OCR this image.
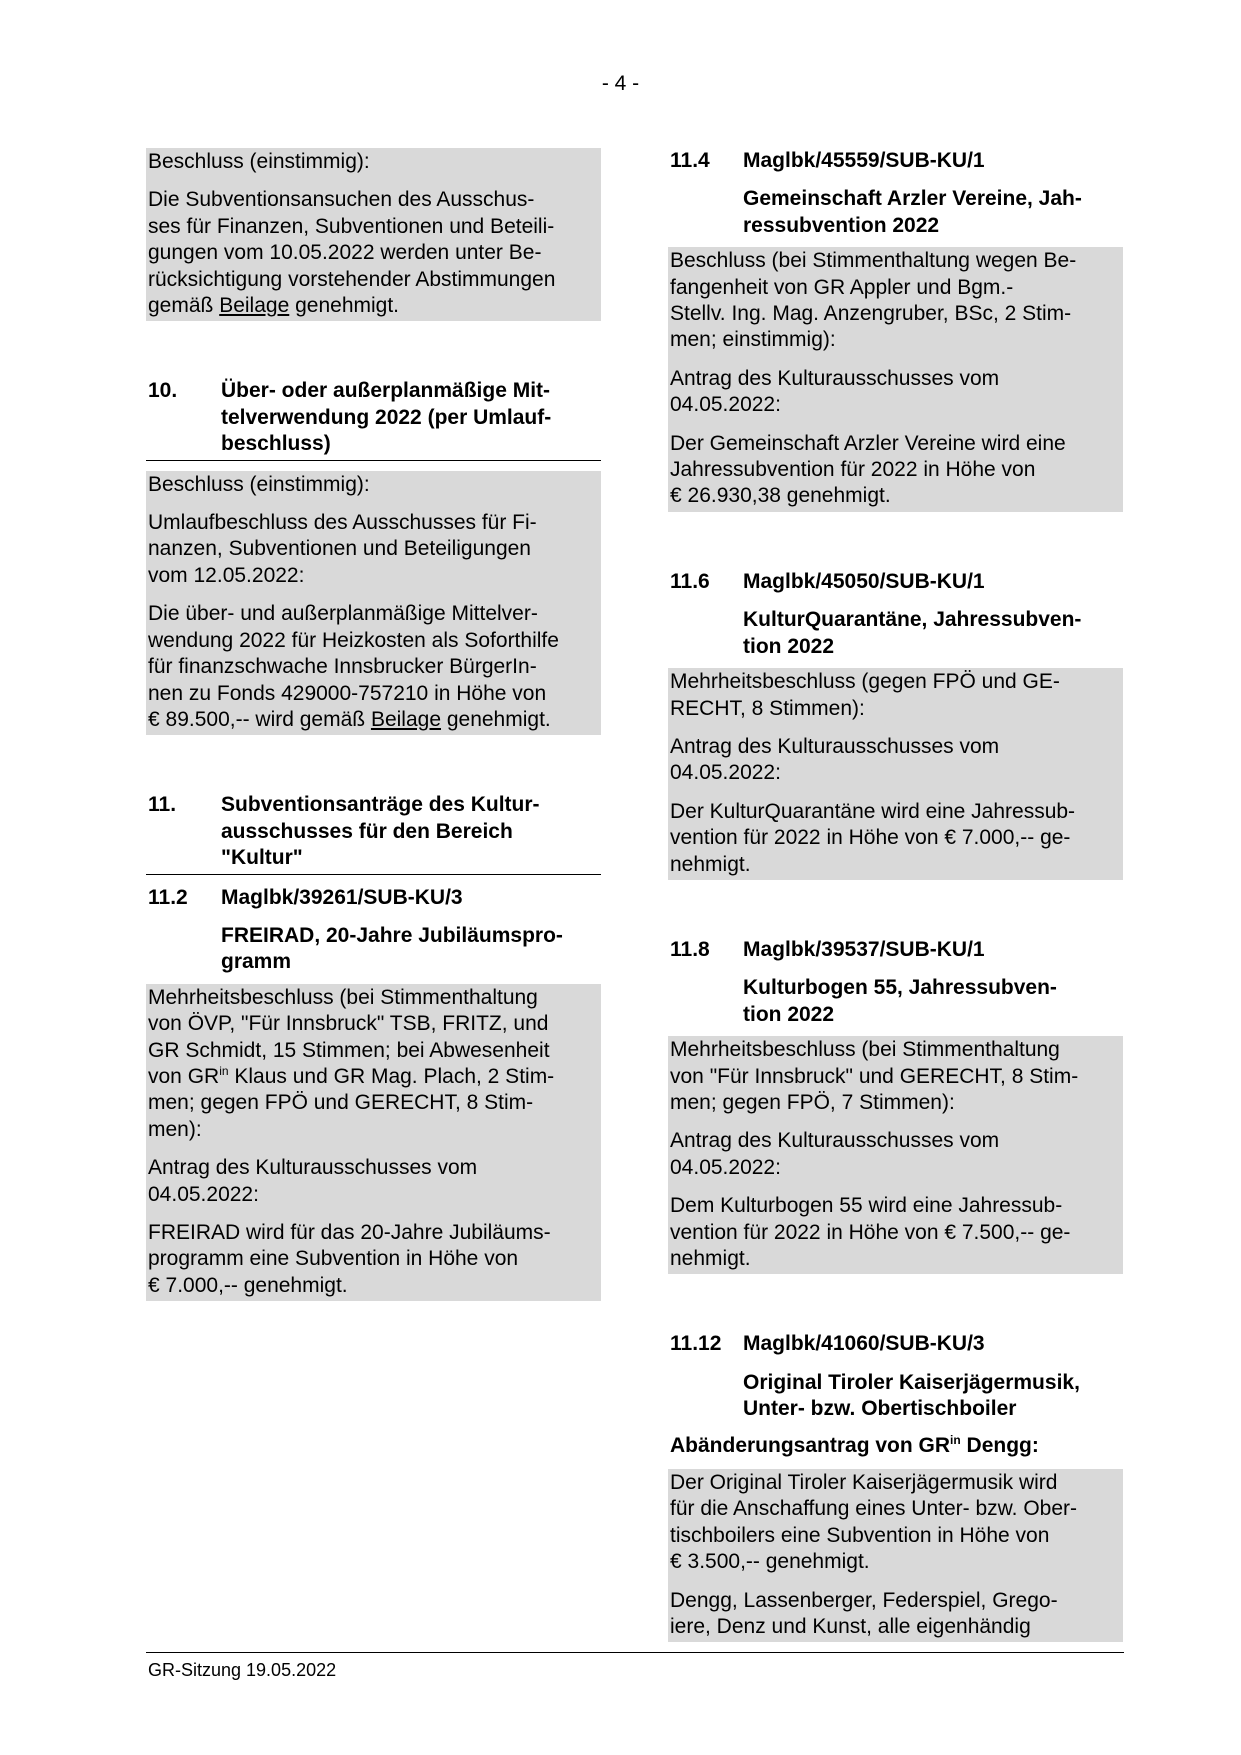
- 4 -

Beschluss (einstimmig):

Die Subventionsansuchen des Ausschus-
ses für Finanzen, Subventionen und Beteili-
gungen vom 10.05.2022 werden unter Be-
rücksichtigung vorstehender Abstimmungen
gemäß Beilage genehmigt.

10.	Über- oder außerplanmäßige Mit-
telverwendung 2022 (per Umlauf-
beschluss)

Beschluss (einstimmig):

Umlaufbeschluss des Ausschusses für Fi-
nanzen, Subventionen und Beteiligungen
vom 12.05.2022:

Die über- und außerplanmäßige Mittelver-
wendung 2022 für Heizkosten als Soforthilfe
für finanzschwache Innsbrucker BürgerIn-
nen zu Fonds 429000-757210 in Höhe von
€ 89.500,-- wird gemäß Beilage genehmigt.

11.	Subventionsanträge des Kultur-
ausschusses für den Bereich
"Kultur"
11.2	Maglbk/39261/SUB-KU/3
FREIRAD, 20-Jahre Jubiläumspro-
gramm

Mehrheitsbeschluss (bei Stimmenthaltung
von ÖVP, "Für Innsbruck" TSB, FRITZ, und
GR Schmidt, 15 Stimmen; bei Abwesenheit
von $GR^{in}$ Klaus und GR Mag. Plach, 2 Stim-
men; gegen FPÖ und GERECHT, 8 Stim-
men):

Antrag des Kulturausschusses vom
04.05.2022:

FREIRAD wird für das 20-Jahre Jubiläums-
programm eine Subvention in Höhe von
€ 7.000,-- genehmigt.

11.4	Maglbk/45559/SUB-KU/1
Gemeinschaft Arzler Vereine, Jah-
ressubvention 2022

Beschluss (bei Stimmenthaltung wegen Be-
fangenheit von GR Appler und Bgm.-
Stellv. Ing. Mag. Anzengruber, BSc, 2 Stim-
men; einstimmig):

Antrag des Kulturausschusses vom
04.05.2022:

Der Gemeinschaft Arzler Vereine wird eine
Jahressubvention für 2022 in Höhe von
€ 26.930,38 genehmigt.

11.6	Maglbk/45050/SUB-KU/1
KulturQuarantäne, Jahressubven-
tion 2022

Mehrheitsbeschluss (gegen FPÖ und GE-
RECHT, 8 Stimmen):

Antrag des Kulturausschusses vom
04.05.2022:

Der KulturQuarantäne wird eine Jahressub-
vention für 2022 in Höhe von € 7.000,-- ge-
nehmigt.

11.8	Maglbk/39537/SUB-KU/1
Kulturbogen 55, Jahressubven-
tion 2022

Mehrheitsbeschluss (bei Stimmenthaltung
von "Für Innsbruck" und GERECHT, 8 Stim-
men; gegen FPÖ, 7 Stimmen):

Antrag des Kulturausschusses vom
04.05.2022:

Dem Kulturbogen 55 wird eine Jahressub-
vention für 2022 in Höhe von € 7.500,-- ge-
nehmigt.

11.12	Maglbk/41060/SUB-KU/3
Original Tiroler Kaiserjägermusik,
Unter- bzw. Obertischboiler
Abänderungsantrag von $GR^{in}$ Dengg:

Der Original Tiroler Kaiserjägermusik wird
für die Anschaffung eines Unter- bzw. Ober-
tischboilers eine Subvention in Höhe von
€ 3.500,-- genehmigt.

Dengg, Lassenberger, Federspiel, Grego-
iere, Denz und Kunst, alle eigenhändig

GR-Sitzung 19.05.2022
